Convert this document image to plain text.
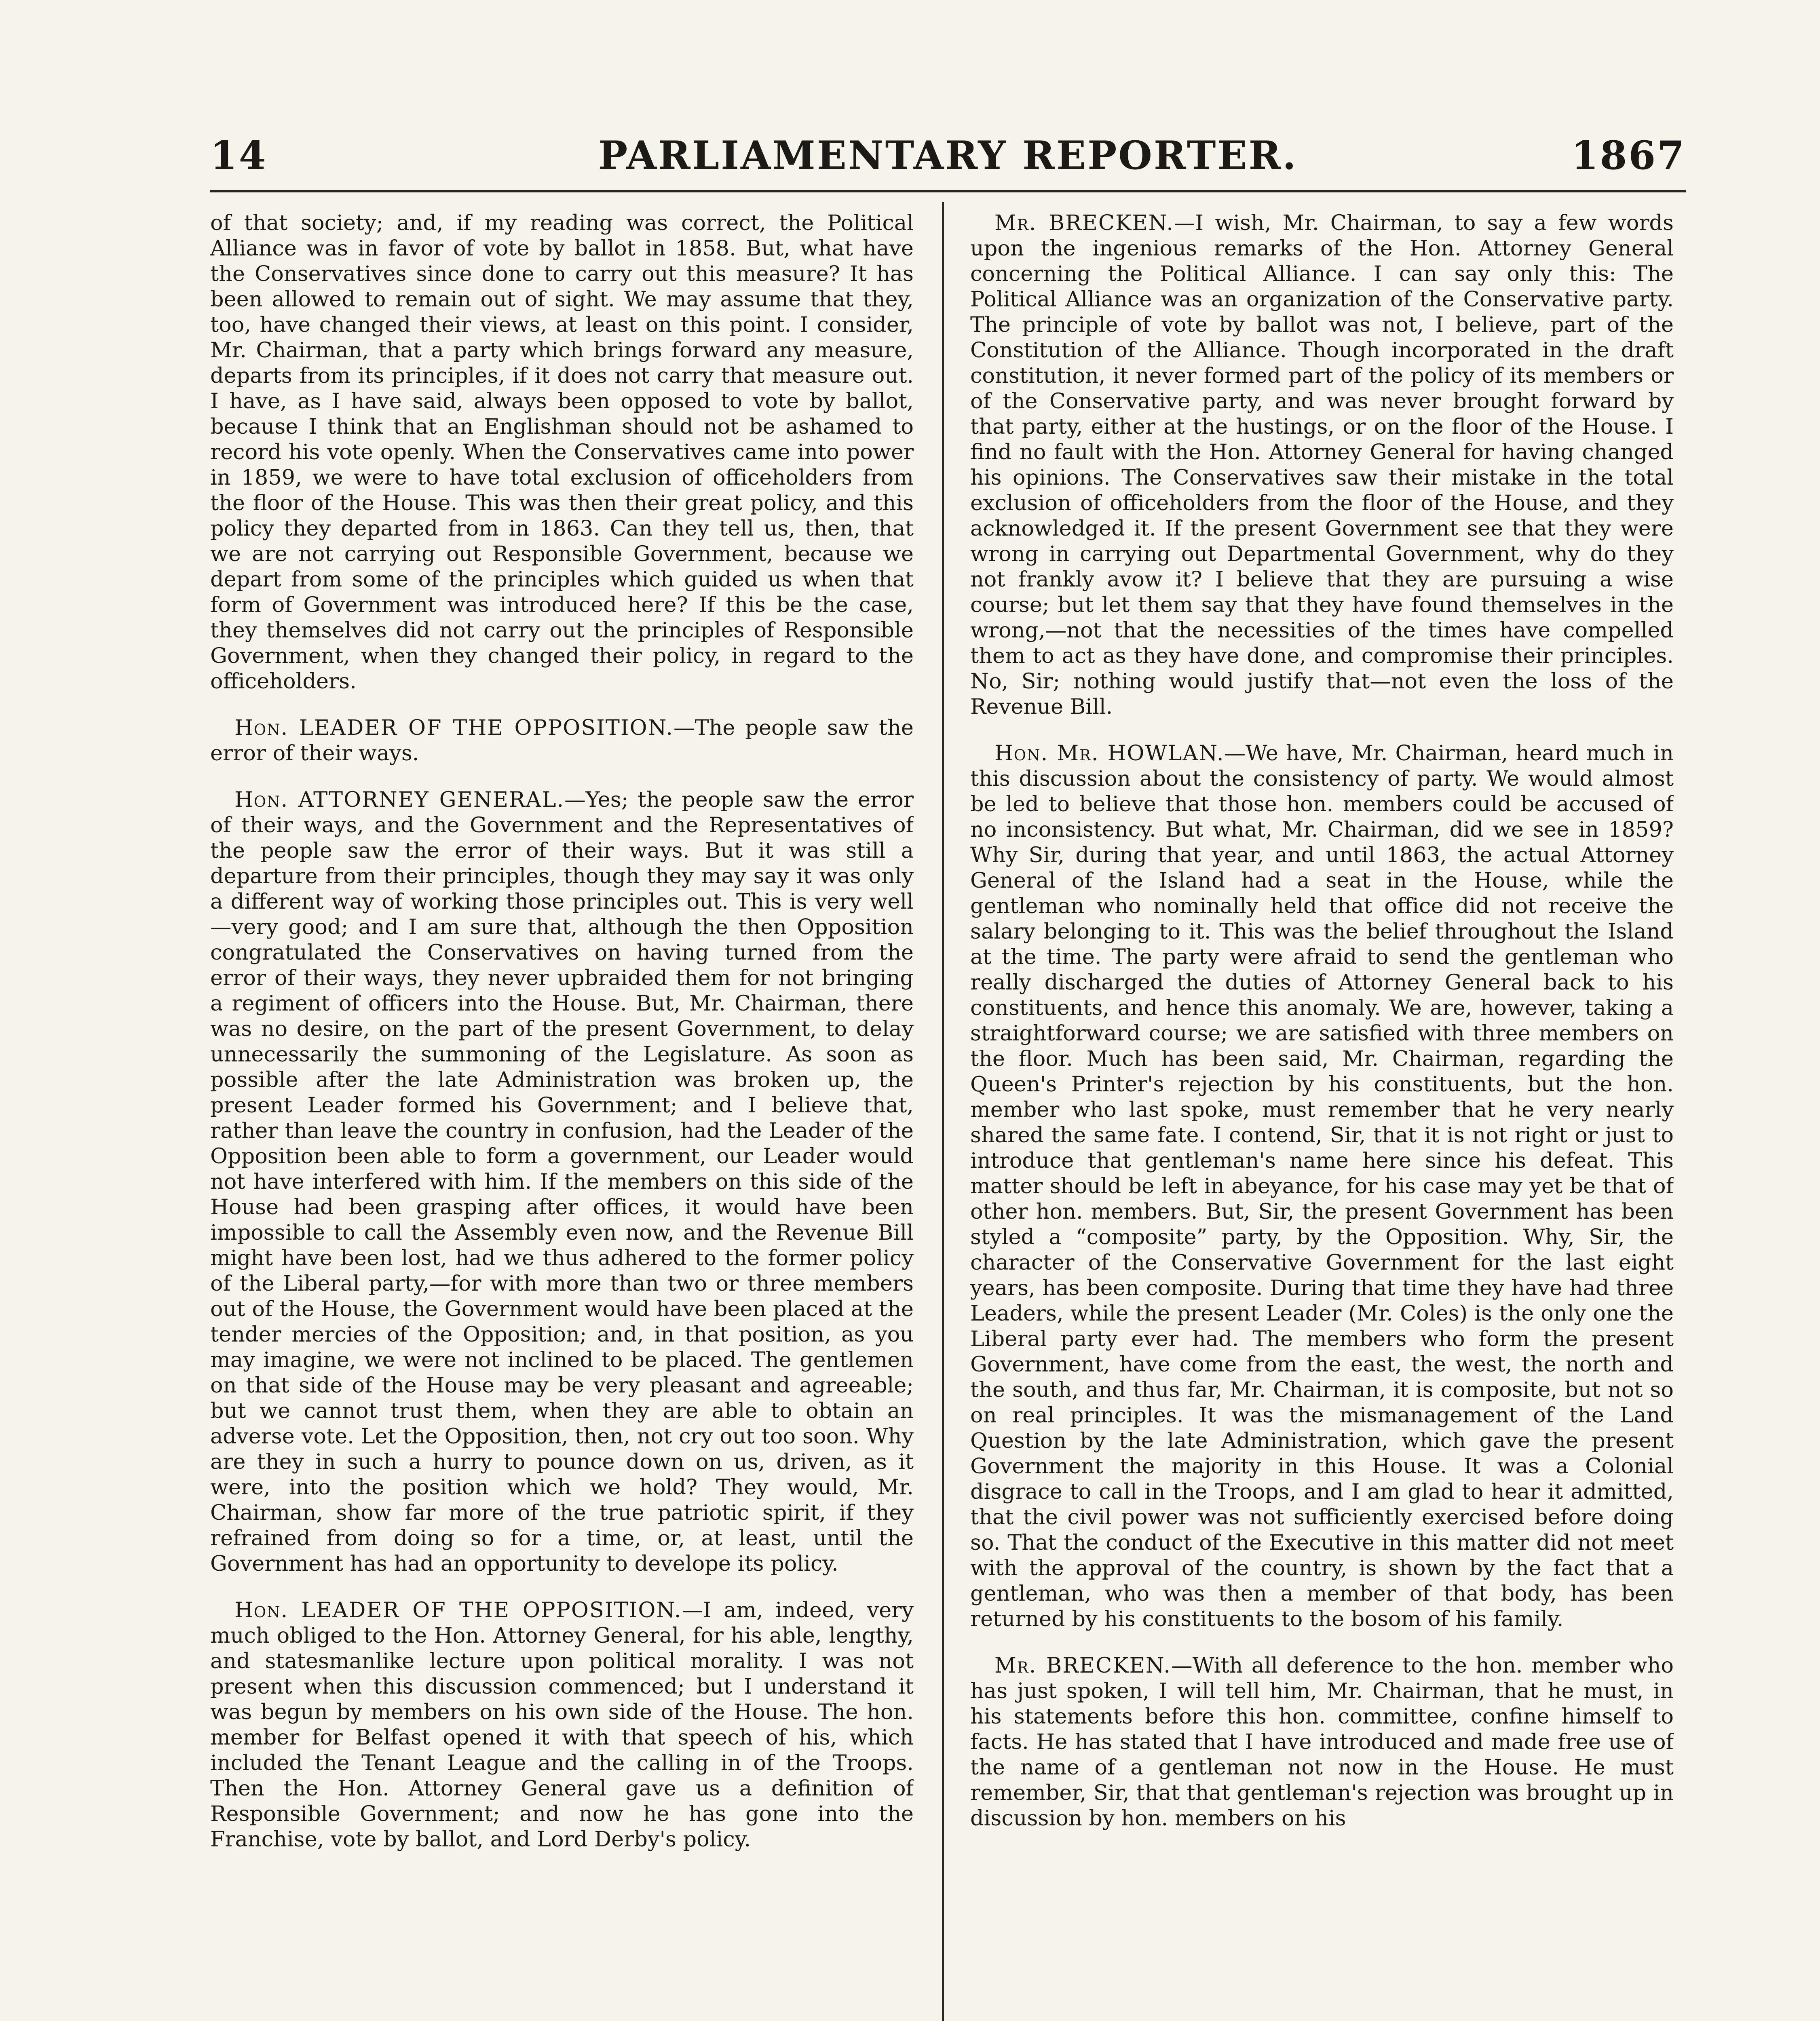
14	PARLIAMENTARY REPORTER.	1867

of that society; and, if my reading was correct, the Political Alliance was in favor of vote by ballot in 1858. But, what have the Conservatives since done to carry out this measure? It has been allowed to remain out of sight. We may assume that they, too, have changed their views, at least on this point. I consider, Mr. Chairman, that a party which brings forward any measure, departs from its principles, if it does not carry that measure out. I have, as I have said, always been opposed to vote by ballot, because I think that an Englishman should not be ashamed to record his vote openly. When the Conservatives came into power in 1859, we were to have total exclusion of officeholders from the floor of the House. This was then their great policy, and this policy they departed from in 1863. Can they tell us, then, that we are not carrying out Responsible Government, because we depart from some of the principles which guided us when that form of Government was introduced here? If this be the case, they themselves did not carry out the principles of Responsible Government, when they changed their policy, in regard to the officeholders.

Hon. LEADER OF THE OPPOSITION.—The people saw the error of their ways.

Hon. ATTORNEY GENERAL.—Yes; the people saw the error of their ways, and the Government and the Representatives of the people saw the error of their ways. But it was still a departure from their principles, though they may say it was only a different way of working those principles out. This is very well—very good; and I am sure that, although the then Opposition congratulated the Conservatives on having turned from the error of their ways, they never upbraided them for not bringing a regiment of officers into the House. But, Mr. Chairman, there was no desire, on the part of the present Government, to delay unnecessarily the summoning of the Legislature. As soon as possible after the late Administration was broken up, the present Leader formed his Government; and I believe that, rather than leave the country in confusion, had the Leader of the Opposition been able to form a government, our Leader would not have interfered with him. If the members on this side of the House had been grasping after offices, it would have been impossible to call the Assembly even now, and the Revenue Bill might have been lost, had we thus adhered to the former policy of the Liberal party,—for with more than two or three members out of the House, the Government would have been placed at the tender mercies of the Opposition; and, in that position, as you may imagine, we were not inclined to be placed. The gentlemen on that side of the House may be very pleasant and agreeable; but we cannot trust them, when they are able to obtain an adverse vote. Let the Opposition, then, not cry out too soon. Why are they in such a hurry to pounce down on us, driven, as it were, into the position which we hold? They would, Mr. Chairman, show far more of the true patriotic spirit, if they refrained from doing so for a time, or, at least, until the Government has had an opportunity to develope its policy.

Hon. LEADER OF THE OPPOSITION.—I am, indeed, very much obliged to the Hon. Attorney General, for his able, lengthy, and statesmanlike lecture upon political morality. I was not present when this discussion commenced; but I understand it was begun by members on his own side of the House. The hon. member for Belfast opened it with that speech of his, which included the Tenant League and the calling in of the Troops. Then the Hon. Attorney General gave us a definition of Responsible Government; and now he has gone into the Franchise, vote by ballot, and Lord Derby's policy.

Mr. BRECKEN.—I wish, Mr. Chairman, to say a few words upon the ingenious remarks of the Hon. Attorney General concerning the Political Alliance. I can say only this: The Political Alliance was an organization of the Conservative party. The principle of vote by ballot was not, I believe, part of the Constitution of the Alliance. Though incorporated in the draft constitution, it never formed part of the policy of its members or of the Conservative party, and was never brought forward by that party, either at the hustings, or on the floor of the House. I find no fault with the Hon. Attorney General for having changed his opinions. The Conservatives saw their mistake in the total exclusion of officeholders from the floor of the House, and they acknowledged it. If the present Government see that they were wrong in carrying out Departmental Government, why do they not frankly avow it? I believe that they are pursuing a wise course; but let them say that they have found themselves in the wrong,—not that the necessities of the times have compelled them to act as they have done, and compromise their principles. No, Sir; nothing would justify that—not even the loss of the Revenue Bill.

Hon. Mr. HOWLAN.—We have, Mr. Chairman, heard much in this discussion about the consistency of party. We would almost be led to believe that those hon. members could be accused of no inconsistency. But what, Mr. Chairman, did we see in 1859? Why Sir, during that year, and until 1863, the actual Attorney General of the Island had a seat in the House, while the gentleman who nominally held that office did not receive the salary belonging to it. This was the belief throughout the Island at the time. The party were afraid to send the gentleman who really discharged the duties of Attorney General back to his constituents, and hence this anomaly. We are, however, taking a straightforward course; we are satisfied with three members on the floor. Much has been said, Mr. Chairman, regarding the Queen's Printer's rejection by his constituents, but the hon. member who last spoke, must remember that he very nearly shared the same fate. I contend, Sir, that it is not right or just to introduce that gentleman's name here since his defeat. This matter should be left in abeyance, for his case may yet be that of other hon. members. But, Sir, the present Government has been styled a “composite” party, by the Opposition. Why, Sir, the character of the Conservative Government for the last eight years, has been composite. During that time they have had three Leaders, while the present Leader (Mr. Coles) is the only one the Liberal party ever had. The members who form the present Government, have come from the east, the west, the north and the south, and thus far, Mr. Chairman, it is composite, but not so on real principles. It was the mismanagement of the Land Question by the late Administration, which gave the present Government the majority in this House. It was a Colonial disgrace to call in the Troops, and I am glad to hear it admitted, that the civil power was not sufficiently exercised before doing so. That the conduct of the Executive in this matter did not meet with the approval of the country, is shown by the fact that a gentleman, who was then a member of that body, has been returned by his constituents to the bosom of his family.

Mr. BRECKEN.—With all deference to the hon. member who has just spoken, I will tell him, Mr. Chairman, that he must, in his statements before this hon. committee, confine himself to facts. He has stated that I have introduced and made free use of the name of a gentleman not now in the House. He must remember, Sir, that that gentleman's rejection was brought up in discussion by hon. members on his
